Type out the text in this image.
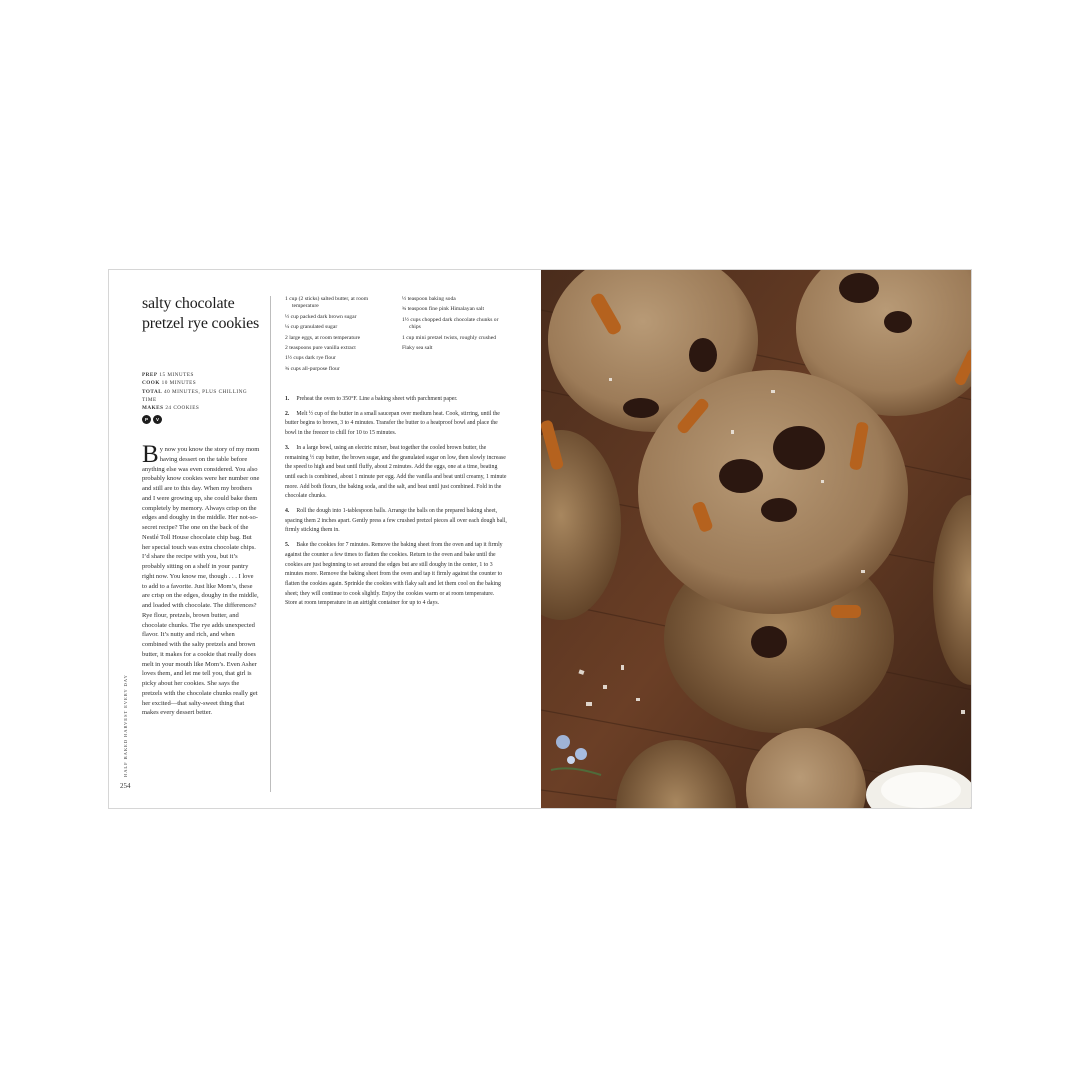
salty chocolate pretzel rye cookies
PREP 15 MINUTES
COOK 10 MINUTES
TOTAL 40 MINUTES, PLUS CHILLING TIME
MAKES 24 COOKIES
P	V
By now you know the story of my mom having dessert on the table before anything else was even considered. You also probably know cookies were her number one and still are to this day. When my brothers and I were growing up, she could bake them completely by memory. Always crisp on the edges and doughy in the middle. Her not-so-secret recipe? The one on the back of the Nestlé Toll House chocolate chip bag. But her special touch was extra chocolate chips. I’d share the recipe with you, but it’s probably sitting on a shelf in your pantry right now. You know me, though . . . I love to add to a favorite. Just like Mom’s, these are crisp on the edges, doughy in the middle, and loaded with chocolate. The differences? Rye flour, pretzels, brown butter, and chocolate chunks. The rye adds unexpected flavor. It’s nutty and rich, and when combined with the salty pretzels and brown butter, it makes for a cookie that really does melt in your mouth like Mom’s. Even Asher loves them, and let me tell you, that girl is picky about her cookies. She says the pretzels with the chocolate chunks really get her excited—that salty-sweet thing that makes every dessert better.
HALF BAKED HARVEST EVERY DAY
254
1 cup (2 sticks) salted butter, at room temperature
½ cup packed dark brown sugar
¼ cup granulated sugar
2 large eggs, at room temperature
2 teaspoons pure vanilla extract
1½ cups dark rye flour
¾ cups all-purpose flour
½ teaspoon baking soda
¾ teaspoon fine pink Himalayan salt
1½ cups chopped dark chocolate chunks or chips
1 cup mini pretzel twists, roughly crushed
Flaky sea salt
1. Preheat the oven to 350°F. Line a baking sheet with parchment paper.
2. Melt ½ cup of the butter in a small saucepan over medium heat. Cook, stirring, until the butter begins to brown, 3 to 4 minutes. Transfer the butter to a heatproof bowl and place the bowl in the freezer to chill for 10 to 15 minutes.
3. In a large bowl, using an electric mixer, beat together the cooled brown butter, the remaining ½ cup butter, the brown sugar, and the granulated sugar on low, then slowly increase the speed to high and beat until fluffy, about 2 minutes. Add the eggs, one at a time, beating until each is combined, about 1 minute per egg. Add the vanilla and beat until creamy, 1 minute more. Add both flours, the baking soda, and the salt, and beat until just combined. Fold in the chocolate chunks.
4. Roll the dough into 1-tablespoon balls. Arrange the balls on the prepared baking sheet, spacing them 2 inches apart. Gently press a few crushed pretzel pieces all over each dough ball, firmly sticking them in.
5. Bake the cookies for 7 minutes. Remove the baking sheet from the oven and tap it firmly against the counter a few times to flatten the cookies. Return to the oven and bake until the cookies are just beginning to set around the edges but are still doughy in the center, 1 to 3 minutes more. Remove the baking sheet from the oven and tap it firmly against the counter to flatten the cookies again. Sprinkle the cookies with flaky salt and let them cool on the baking sheet; they will continue to cook slightly. Enjoy the cookies warm or at room temperature. Store at room temperature in an airtight container for up to 4 days.
